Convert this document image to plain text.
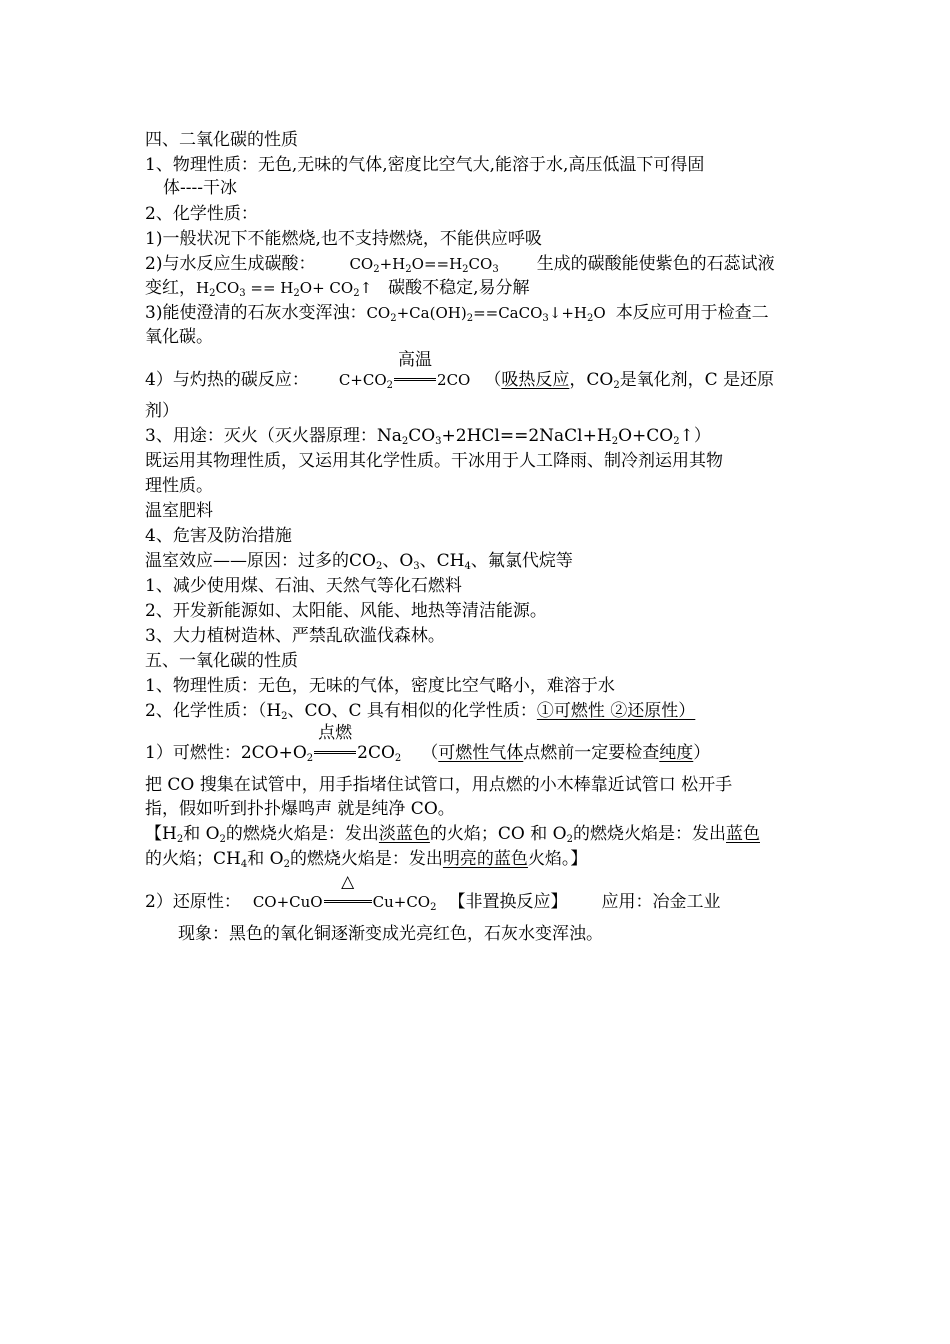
四、二氧化碳的性质
1、物理性质：无色,无味的气体,密度比空气大,能溶于水,高压低温下可得固
体----干冰
2、化学性质：
1)一般状况下不能燃烧,也不支持燃烧，不能供应呼吸
2)与水反应生成碳酸： $CO_2+H_2O==H_2CO_3$ 生成的碳酸能使紫色的石蕊试液
变红，$H_2CO_3 == H_2O+$ $CO_2↑$ 碳酸不稳定,易分解
3)能使澄清的石灰水变浑浊：$CO_2+Ca(OH)_2==CaCO_3↓+H_2O$ 本反应可用于检查二
氧化碳。
4）与灼热的碳反应： $C+CO_2$
高温
2CO （吸热反应，$CO_2$是氧化剂，C 是还原
剂）
3、用途：灭火（灭火器原理：$Na_2CO_3+2HCl==2NaCl+H_2O+CO_2↑$）
既运用其物理性质，又运用其化学性质。干冰用于人工降雨、制冷剂运用其物
理性质。
温室肥料
4、危害及防治措施
温室效应——原因：过多的$CO_2$、$O_3$、$CH_4$、氟氯代烷等
1、减少使用煤、石油、天然气等化石燃料
2、开发新能源如、太阳能、风能、地热等清洁能源。
3、大力植树造林、严禁乱砍滥伐森林。
五、一氧化碳的性质
1、物理性质：无色，无味的气体，密度比空气略小，难溶于水
2、化学性质：（$H_2$、CO、C 具有相似的化学性质：①可燃性 ②还原性）
1）可燃性：$2CO+O_2$
点燃
$2CO_2$ （可燃性气体点燃前一定要检查纯度）
把 CO 搜集在试管中，用手指堵住试管口，用点燃的小木棒靠近试管口 松开手
指，假如听到扑扑爆鸣声 就是纯净 CO。
【$H_2$和 $O_2$的燃烧火焰是：发出淡蓝色的火焰；CO 和 $O_2$的燃烧火焰是：发出蓝色
的火焰；$CH_4$和 $O_2$的燃烧火焰是：发出明亮的蓝色火焰。】
2）还原性： CO+CuO
△
$Cu+CO_2$ 【非置换反应】 应用：冶金工业
现象：黑色的氧化铜逐渐变成光亮红色，石灰水变浑浊。
